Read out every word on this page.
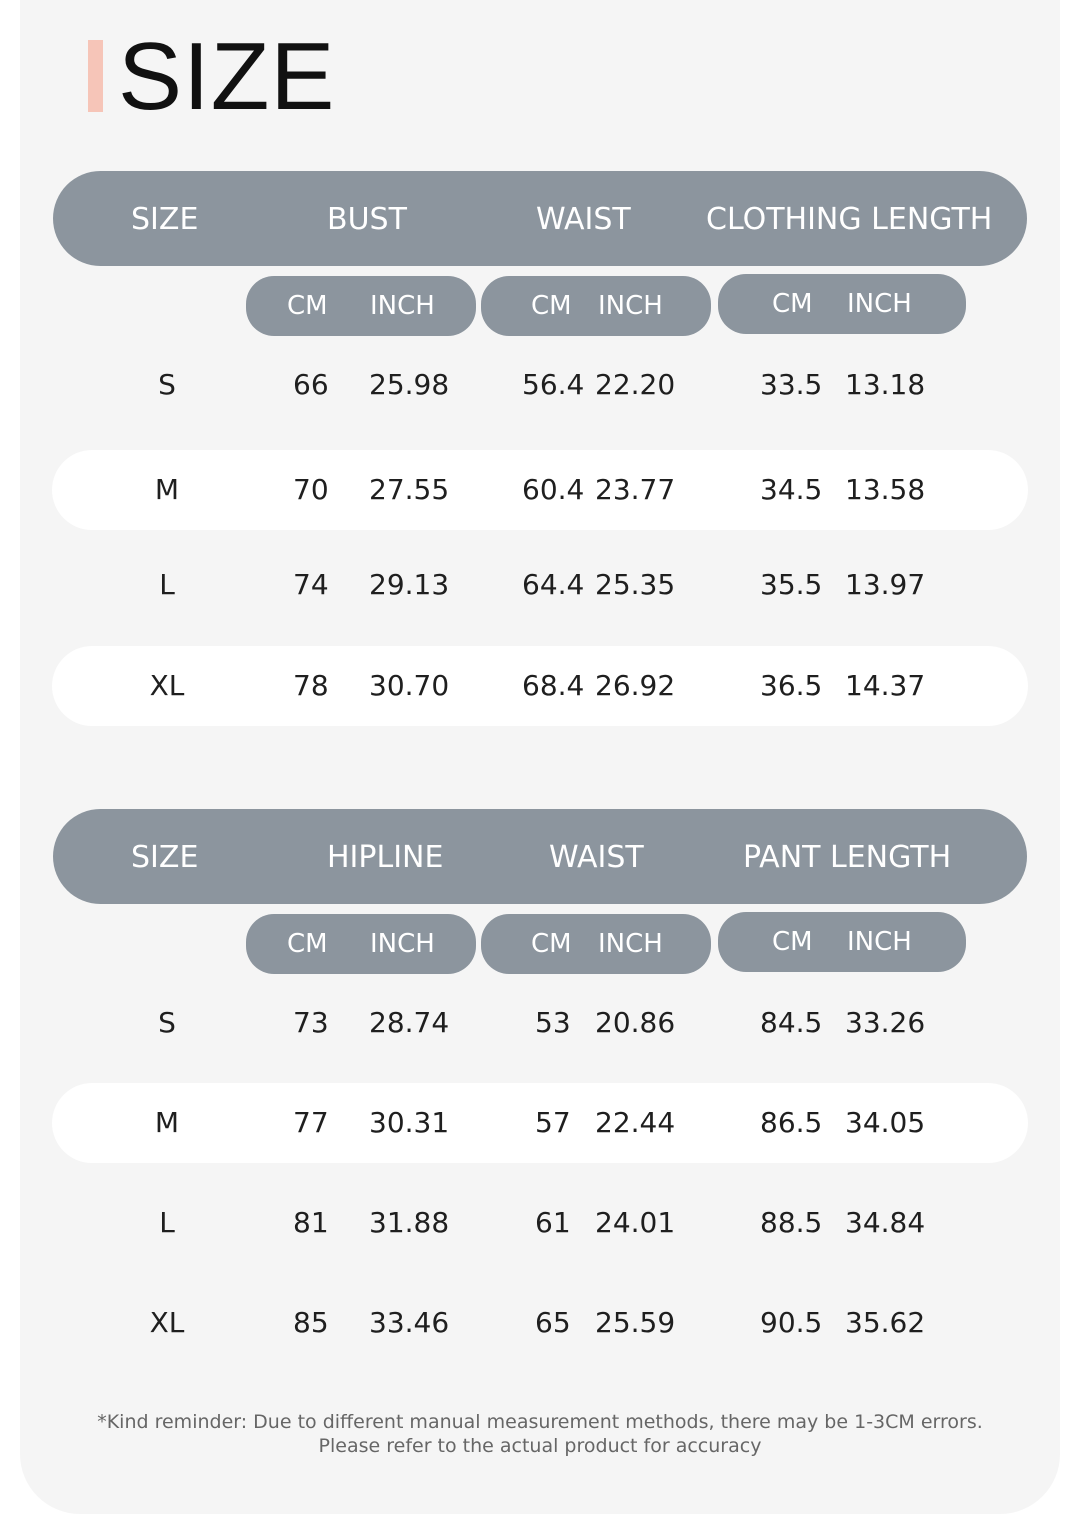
SIZE
SIZE	BUST	WAIST	CLOTHING LENGTH
CM INCH	CM INCH	CM INCH
S	66 25.98	56.4 22.20	33.5 13.18
M	70 27.55	60.4 23.77	34.5 13.58
L	74 29.13	64.4 25.35	35.5 13.97
XL	78 30.70	68.4 26.92	36.5 14.37
SIZE	HIPLINE	WAIST	PANT LENGTH
CM INCH	CM INCH	CM INCH
S	73 28.74	53 20.86	84.5 33.26
M	77 30.31	57 22.44	86.5 34.05
L	81 31.88	61 24.01	88.5 34.84
XL	85 33.46	65 25.59	90.5 35.62
*Kind reminder: Due to different manual measurement methods, there may be 1-3CM errors.
Please refer to the actual product for accuracy
